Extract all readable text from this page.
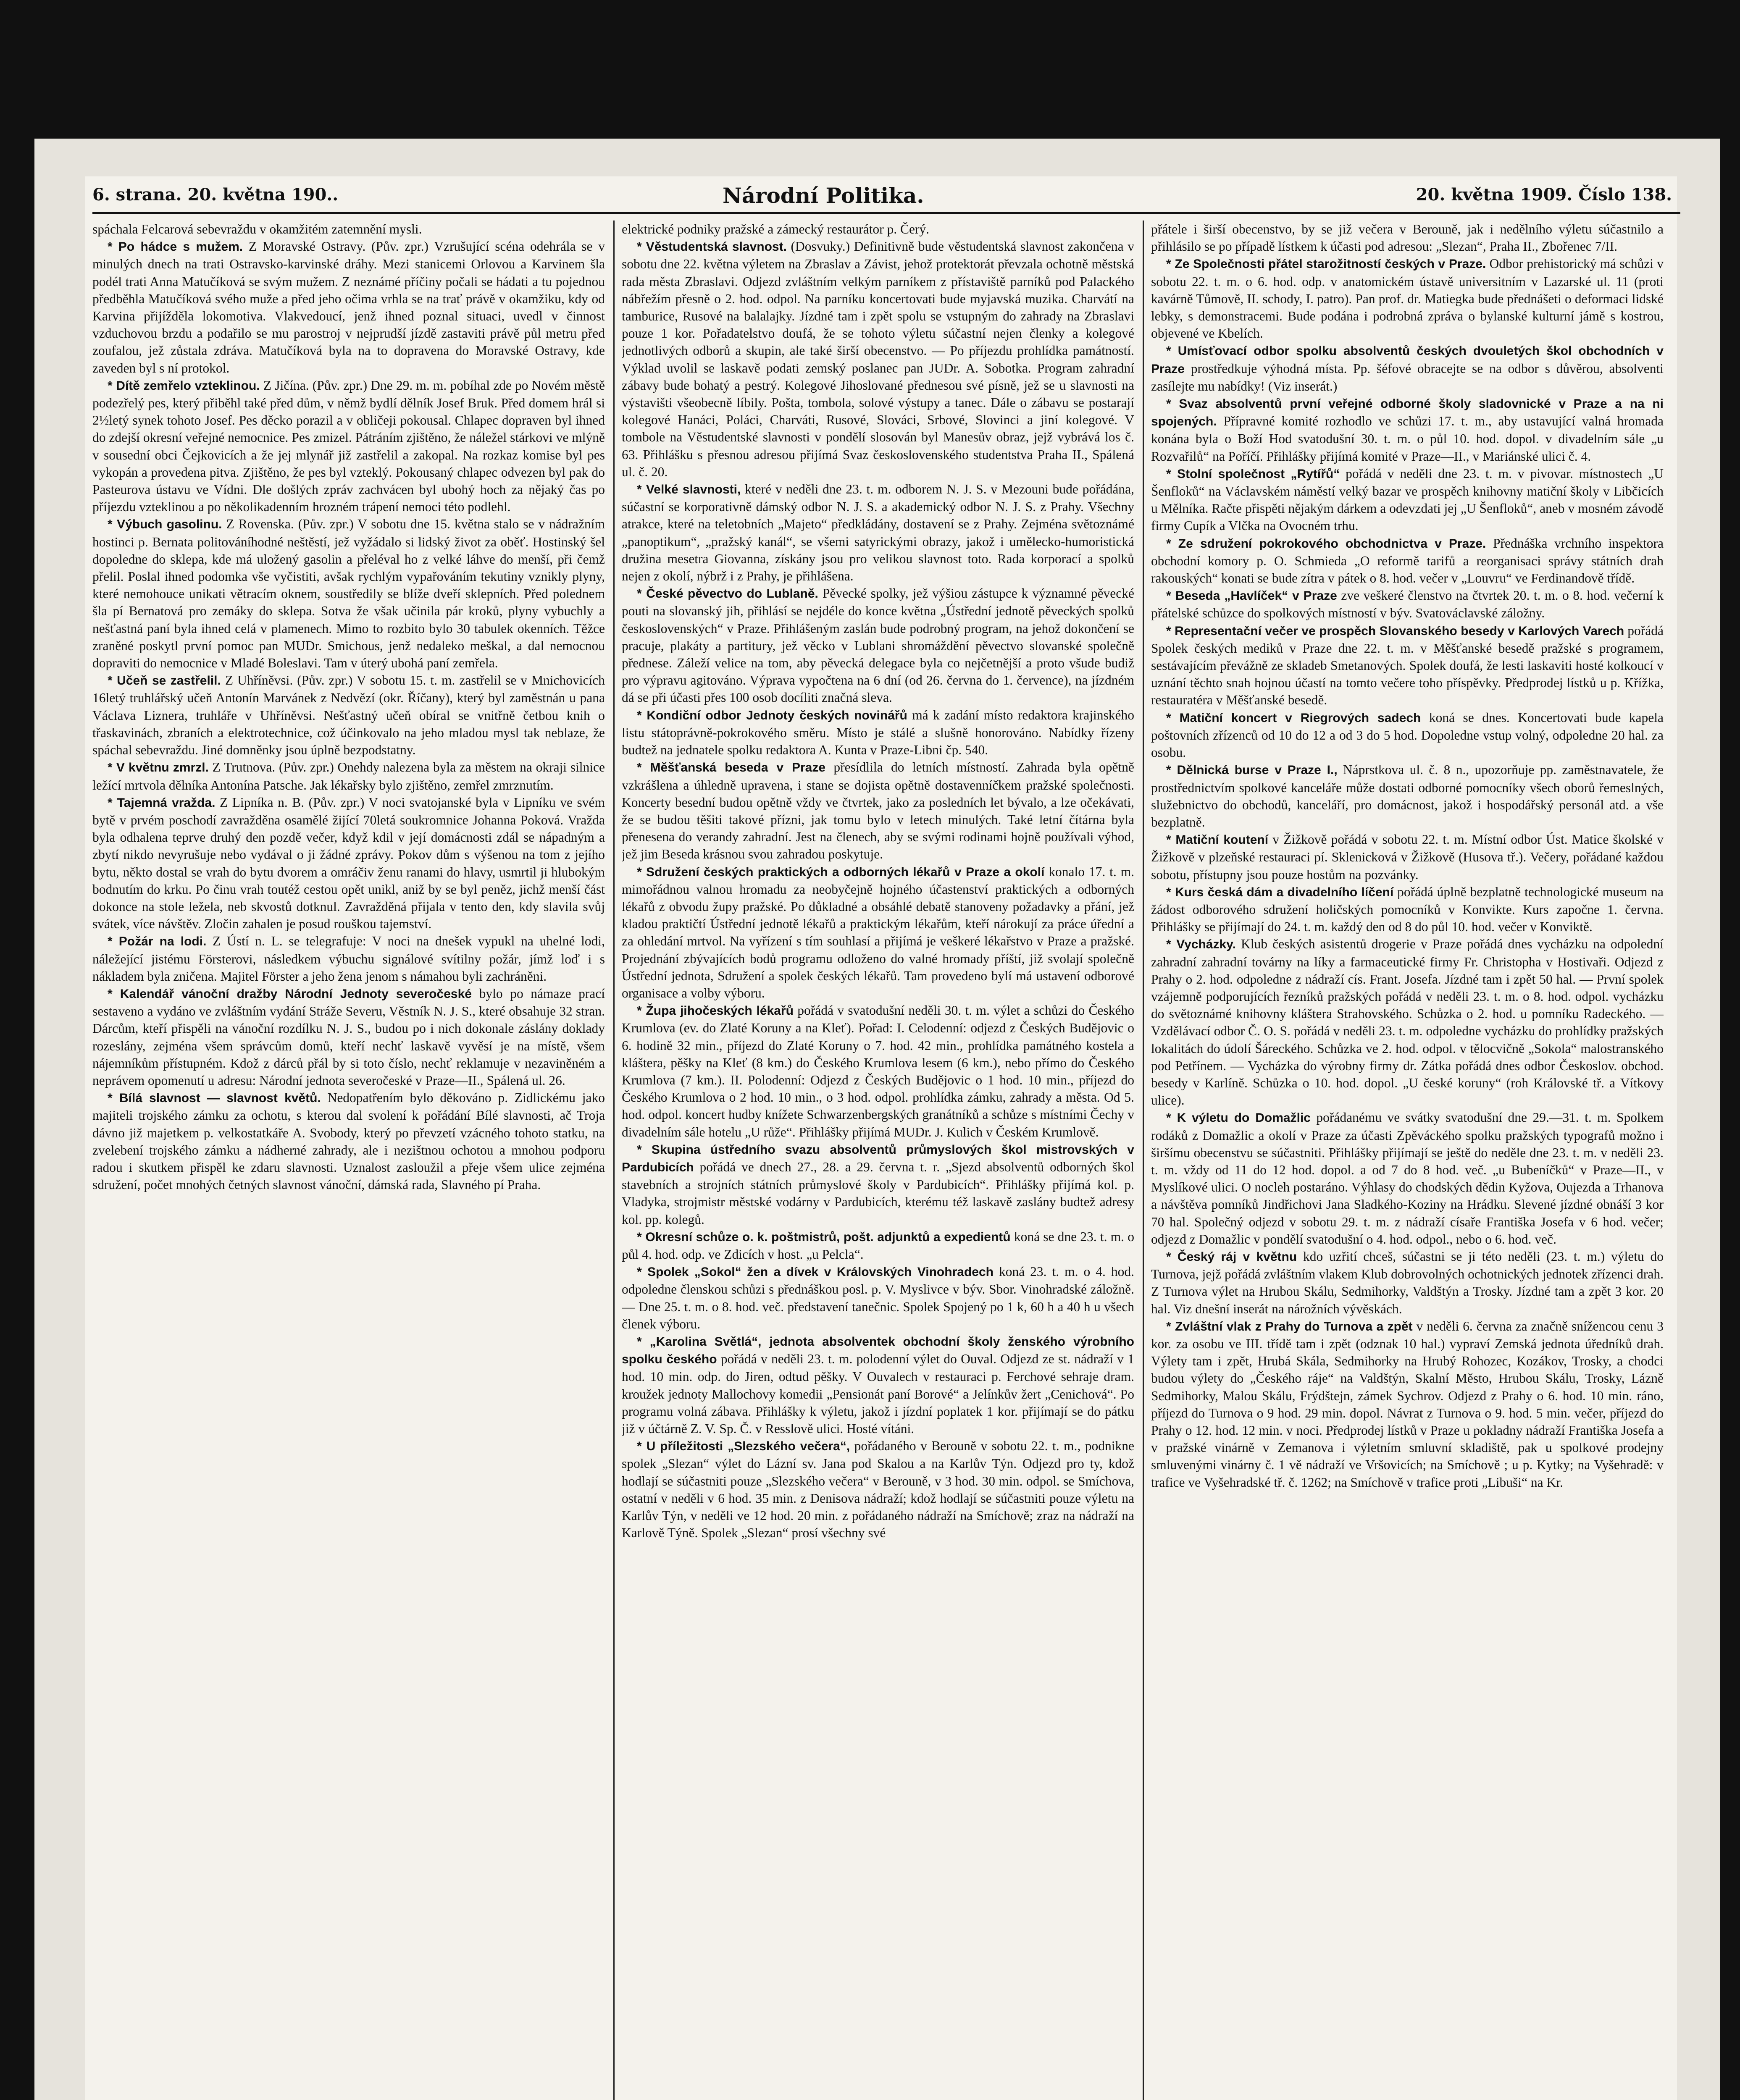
6. strana. 20. května 190..	Národní Politika.	20. května 1909. Číslo 138.

spáchala Felcarová sebevraždu v okamžitém zatemnění mysli.

* Po hádce s mužem. Z Moravské Ostravy. (Pův. zpr.) Vzrušující scéna odehrála se v minulých dnech na trati Ostravsko-karvinské dráhy. Mezi stanicemi Orlovou a Karvinem šla podél trati Anna Matučíková se svým mužem. Z neznámé příčiny počali se hádati a tu pojednou předběhla Matučíková svého muže a před jeho očima vrhla se na trať právě v okamžiku, kdy od Karvina přijížděla lokomotiva. Vlakvedoucí, jenž ihned poznal situaci, uvedl v činnost vzduchovou brzdu a podařilo se mu parostroj v nejprudší jízdě zastaviti právě půl metru před zoufalou, jež zůstala zdráva. Matučíková byla na to dopravena do Moravské Ostravy, kde zaveden byl s ní protokol.

* Dítě zemřelo vzteklinou. Z Jičína. (Pův. zpr.) Dne 29. m. m. pobíhal zde po Novém městě podezřelý pes, který přiběhl také před dům, v němž bydlí dělník Josef Bruk. Před domem hrál si 2½letý synek tohoto Josef. Pes děcko porazil a v obličeji pokousal. Chlapec dopraven byl ihned do zdejší okresní veřejné nemocnice. Pes zmizel. Pátráním zjištěno, že náležel stárkovi ve mlýně v sousední obci Čejkovicích a že jej mlynář již zastřelil a zakopal. Na rozkaz komise byl pes vykopán a provedena pitva. Zjištěno, že pes byl vzteklý. Pokousaný chlapec odvezen byl pak do Pasteurova ústavu ve Vídni. Dle došlých zpráv zachvácen byl ubohý hoch za nějaký čas po příjezdu vzteklinou a po několikadenním hrozném trápení nemoci této podlehl.

* Výbuch gasolinu. Z Rovenska. (Pův. zpr.) V sobotu dne 15. května stalo se v nádražním hostinci p. Bernata politováníhodné neštěstí, jež vyžádalo si lidský život za oběť. Hostinský šel dopoledne do sklepa, kde má uložený gasolin a přeléval ho z velké láhve do menší, při čemž přelil. Poslal ihned podomka vše vyčistiti, avšak rychlým vypařováním tekutiny vznikly plyny, které nemohouce unikati větracím oknem, soustředily se blíže dveří sklepních. Před polednem šla pí Bernatová pro zemáky do sklepa. Sotva že však učinila pár kroků, plyny vybuchly a nešťastná paní byla ihned celá v plamenech. Mimo to rozbito bylo 30 tabulek okenních. Těžce zraněné poskytl první pomoc pan MUDr. Smichous, jenž nedaleko meškal, a dal nemocnou dopraviti do nemocnice v Mladé Boleslavi. Tam v úterý ubohá paní zemřela.

* Učeň se zastřelil. Z Uhříněvsi. (Pův. zpr.) V sobotu 15. t. m. zastřelil se v Mnichovicích 16letý truhlářský učeň Antonín Marvánek z Nedvězí (okr. Říčany), který byl zaměstnán u pana Václava Liznera, truhláře v Uhříněvsi. Nešťastný učeň obíral se vnitřně četbou knih o třaskavinách, zbraních a elektrotechnice, což účinkovalo na jeho mladou mysl tak neblaze, že spáchal sebevraždu. Jiné domněnky jsou úplně bezpodstatny.

* V květnu zmrzl. Z Trutnova. (Pův. zpr.) Onehdy nalezena byla za městem na okraji silnice ležící mrtvola dělníka Antonína Patsche. Jak lékařsky bylo zjištěno, zemřel zmrznutím.

* Tajemná vražda. Z Lipníka n. B. (Pův. zpr.) V noci svatojanské byla v Lipníku ve svém bytě v prvém poschodí zavražděna osamělé žijící 70letá soukromnice Johanna Poková. Vražda byla odhalena teprve druhý den pozdě večer, když kdil v její domácnosti zdál se nápadným a zbytí nikdo nevyrušuje nebo vydával o ji žádné zprávy. Pokov dům s výšenou na tom z jejího bytu, někto dostal se vrah do bytu dvorem a omráčiv ženu ranami do hlavy, usmrtil ji hlubokým bodnutím do krku. Po činu vrah toutéž cestou opět unikl, aniž by se byl peněz, jichž menší část dokonce na stole ležela, neb skvostů dotknul. Zavražděná přijala v tento den, kdy slavila svůj svátek, více návštěv. Zločin zahalen je posud rouškou tajemství.

* Požár na lodi. Z Ústí n. L. se telegrafuje: V noci na dnešek vypukl na uhelné lodi, náležející jistému Försterovi, následkem výbuchu signálové svítilny požár, jímž loď i s nákladem byla zničena. Majitel Förster a jeho žena jenom s námahou byli zachráněni.

* Kalendář vánoční dražby Národní Jednoty severočeské bylo po námaze prací sestaveno a vydáno ve zvláštním vydání Stráže Severu, Věstník N. J. S., které obsahuje 32 stran. Dárcům, kteří přispěli na vánoční rozdílku N. J. S., budou po i nich dokonale záslány doklady rozeslány, zejména všem správcům domů, kteří nechť laskavě vyvěsí je na místě, všem nájemníkům přístupném. Kdož z dárců přál by si toto číslo, nechť reklamuje v nezaviněném a neprávem opomenutí u adresu: Národní jednota severočeské v Praze—II., Spálená ul. 26.

* Bílá slavnost — slavnost květů. Nedopatřením bylo děkováno p. Zidlickému jako majiteli trojského zámku za ochotu, s kterou dal svolení k pořádání Bílé slavnosti, ač Troja dávno již majetkem p. velkostatkáře A. Svobody, který po převzetí vzácného tohoto statku, na zvelebení trojského zámku a nádherné zahrady, ale i nezištnou ochotou a mnohou podporu radou i skutkem přispěl ke zdaru slavnosti. Uznalost zasloužil a přeje všem ulice zejména sdružení, počet mnohých četných slavnost vánoční, dámská rada, Slavného pí Praha.

elektrické podniky pražské a zámecký restaurátor p. Čerý.

* Věstudentská slavnost. (Dosvuky.) Definitivně bude věstudentská slavnost zakončena v sobotu dne 22. května výletem na Zbraslav a Závist, jehož protektorát převzala ochotně městská rada města Zbraslavi. Odjezd zvláštním velkým parníkem z přístaviště parníků pod Palackého nábřežím přesně o 2. hod. odpol. Na parníku koncertovati bude myjavská muzika. Charvátí na tamburice, Rusové na balalajky. Jízdné tam i zpět spolu se vstupným do zahrady na Zbraslavi pouze 1 kor. Pořadatelstvo doufá, že se tohoto výletu súčastní nejen členky a kolegové jednotlivých odborů a skupin, ale také širší obecenstvo. — Po příjezdu prohlídka památností. Výklad uvolil se laskavě podati zemský poslanec pan JUDr. A. Sobotka. Program zahradní zábavy bude bohatý a pestrý. Kolegové Jihoslované přednesou své písně, jež se u slavnosti na výstavišti všeobecně líbily. Pošta, tombola, solové výstupy a tanec. Dále o zábavu se postarají kolegové Hanáci, Poláci, Charváti, Rusové, Slováci, Srbové, Slovinci a jiní kolegové. V tombole na Věstudentské slavnosti v pondělí slosován byl Manesův obraz, jejž vybrává los č. 63. Přihlášku s přesnou adresou přijímá Svaz československého studentstva Praha II., Spálená ul. č. 20.

* Velké slavnosti, které v neděli dne 23. t. m. odborem N. J. S. v Mezouni bude pořádána, súčastní se korporativně dámský odbor N. J. S. a akademický odbor N. J. S. z Prahy. Všechny atrakce, které na teletobních „Majeto“ předkládány, dostavení se z Prahy. Zejména světoznámé „panoptikum“, „pražský kanál“, se všemi satyrickými obrazy, jakož i umělecko-humoristická družina mesetra Giovanna, získány jsou pro velikou slavnost toto. Rada korporací a spolků nejen z okolí, nýbrž i z Prahy, je přihlášena.

* České pěvectvo do Lublaně. Pěvecké spolky, jež výšiou zástupce k významné pěvecké pouti na slovanský jih, přihlásí se nejdéle do konce května „Ústřední jednotě pěveckých spolků československých“ v Praze. Přihlášeným zaslán bude podrobný program, na jehož dokončení se pracuje, plakáty a partitury, jež věcko v Lublani shromáždění pěvectvo slovanské společně přednese. Záleží velice na tom, aby pěvecká delegace byla co nejčetnější a proto všude budiž pro výpravu agitováno. Výprava vypočtena na 6 dní (od 26. června do 1. července), na jízdném dá se při účasti přes 100 osob docíliti značná sleva.

* Kondiční odbor Jednoty českých novinářů má k zadání místo redaktora krajinského listu státoprávně-pokrokového směru. Místo je stálé a slušně honorováno. Nabídky řízeny budtež na jednatele spolku redaktora A. Kunta v Praze-Libni čp. 540.

* Měšťanská beseda v Praze přesídlila do letních místností. Zahrada byla opětně vzkrášlena a úhledně upravena, i stane se dojista opětně dostavenníčkem pražské společnosti. Koncerty besední budou opětně vždy ve čtvrtek, jako za posledních let bývalo, a lze očekávati, že se budou těšiti takové přízni, jak tomu bylo v letech minulých. Také letní čítárna byla přenesena do verandy zahradní. Jest na členech, aby se svými rodinami hojně používali výhod, jež jim Beseda krásnou svou zahradou poskytuje.

* Sdružení českých praktických a odborných lékařů v Praze a okolí konalo 17. t. m. mimořádnou valnou hromadu za neobyčejně hojného účastenství praktických a odborných lékařů z obvodu župy pražské. Po důkladné a obsáhlé debatě stanoveny požadavky a přání, jež kladou praktičtí Ústřední jednotě lékařů a praktickým lékařům, kteří nárokují za práce úřední a za ohledání mrtvol. Na vyřízení s tím souhlasí a přijímá je veškeré lékařstvo v Praze a pražské. Projednání zbývajících bodů programu odloženo do valné hromady příští, již svolají společně Ústřední jednota, Sdružení a spolek českých lékařů. Tam provedeno bylí má ustavení odborové organisace a volby výboru.

* Župa jihočeských lékařů pořádá v svatodušní neděli 30. t. m. výlet a schůzi do Českého Krumlova (ev. do Zlaté Koruny a na Kleť). Pořad: I. Celodenní: odjezd z Českých Budějovic o 6. hodině 32 min., příjezd do Zlaté Koruny o 7. hod. 42 min., prohlídka památného kostela a kláštera, pěšky na Kleť (8 km.) do Českého Krumlova lesem (6 km.), nebo přímo do Českého Krumlova (7 km.). II. Polodenní: Odjezd z Českých Budějovic o 1 hod. 10 min., příjezd do Českého Krumlova o 2 hod. 10 min., o 3 hod. odpol. prohlídka zámku, zahrady a města. Od 5. hod. odpol. koncert hudby knížete Schwarzenbergských granátníků a schůze s místními Čechy v divadelním sále hotelu „U růže“. Přihlášky přijímá MUDr. J. Kulich v Českém Krumlově.

* Skupina ústředního svazu absolventů průmyslových škol mistrovských v Pardubicích pořádá ve dnech 27., 28. a 29. června t. r. „Sjezd absolventů odborných škol stavebních a strojních státních průmyslové školy v Pardubicích“. Přihlášky přijímá kol. p. Vladyka, strojmistr městské vodárny v Pardubicích, kterému též laskavě zaslány budtež adresy kol. pp. kolegů.

* Okresní schůze o. k. poštmistrů, pošt. adjunktů a expedientů koná se dne 23. t. m. o půl 4. hod. odp. ve Zdicích v host. „u Pelcla“.

* Spolek „Sokol“ žen a dívek v Královských Vinohradech koná 23. t. m. o 4. hod. odpoledne členskou schůzi s přednáškou posl. p. V. Myslivce v býv. Sbor. Vinohradské záložně. — Dne 25. t. m. o 8. hod. več. představení tanečnic. Spolek Spojený po 1 k, 60 h a 40 h u všech členek výboru.

* „Karolina Světlá“, jednota absolventek obchodní školy ženského výrobního spolku českého pořádá v neděli 23. t. m. polodenní výlet do Ouval. Odjezd ze st. nádraží v 1 hod. 10 min. odp. do Jiren, odtud pěšky. V Ouvalech v restauraci p. Ferchové sehraje dram. kroužek jednoty Mallochovy komedii „Pensionát paní Borové“ a Jelínkův žert „Cenichová“. Po programu volná zábava. Přihlášky k výletu, jakož i jízdní poplatek 1 kor. přijímají se do pátku již v účtárně Z. V. Sp. Č. v Resslově ulici. Hosté vítáni.

* U příležitosti „Slezského večera“, pořádaného v Berouně v sobotu 22. t. m., podnikne spolek „Slezan“ výlet do Lázní sv. Jana pod Skalou a na Karlův Týn. Odjezd pro ty, kdož hodlají se súčastniti pouze „Slezského večera“ v Berouně, v 3 hod. 30 min. odpol. se Smíchova, ostatní v neděli v 6 hod. 35 min. z Denisova nádraží; kdož hodlají se súčastniti pouze výletu na Karlův Týn, v neděli ve 12 hod. 20 min. z pořádaného nádraží na Smíchově; zraz na nádraží na Karlově Týně. Spolek „Slezan“ prosí všechny své

přátele i širší obecenstvo, by se již večera v Berouně, jak i nedělního výletu súčastnilo a přihlásilo se po případě lístkem k účasti pod adresou: „Slezan“, Praha II., Zbořenec 7/II.

* Ze Společnosti přátel starožitností českých v Praze. Odbor prehistorický má schůzi v sobotu 22. t. m. o 6. hod. odp. v anatomickém ústavě universitním v Lazarské ul. 11 (proti kavárně Tůmově, II. schody, I. patro). Pan prof. dr. Matiegka bude přednášeti o deformaci lidské lebky, s demonstracemi. Bude podána i podrobná zpráva o bylanské kulturní jámě s kostrou, objevené ve Kbelích.

* Umísťovací odbor spolku absolventů českých dvouletých škol obchodních v Praze prostředkuje výhodná místa. Pp. šéfové obracejte se na odbor s důvěrou, absolventi zasílejte mu nabídky! (Viz inserát.)

* Svaz absolventů první veřejné odborné školy sladovnické v Praze a na ni spojených. Přípravné komité rozhodlo ve schůzi 17. t. m., aby ustavující valná hromada konána byla o Boží Hod svatodušní 30. t. m. o půl 10. hod. dopol. v divadelním sále „u Rozvařilů“ na Poříčí. Přihlášky přijímá komité v Praze—II., v Mariánské ulici č. 4.

* Stolní společnost „Rytířů“ pořádá v neděli dne 23. t. m. v pivovar. místnostech „U Šenfloků“ na Václavském náměstí velký bazar ve prospěch knihovny matiční školy v Libčicích u Mělníka. Račte přispěti nějakým dárkem a odevzdati jej „U Šenfloků“, aneb v mosném závodě firmy Cupík a Vlčka na Ovocném trhu.

* Ze sdružení pokrokového obchodnictva v Praze. Přednáška vrchního inspektora obchodní komory p. O. Schmieda „O reformě tarifů a reorganisaci správy státních drah rakouských“ konati se bude zítra v pátek o 8. hod. večer v „Louvru“ ve Ferdinandově třídě.

* Beseda „Havlíček“ v Praze zve veškeré členstvo na čtvrtek 20. t. m. o 8. hod. večerní k přátelské schůzce do spolkových místností v býv. Svatováclavské záložny.

* Representační večer ve prospěch Slovanského besedy v Karlových Varech pořádá Spolek českých mediků v Praze dne 22. t. m. v Měšťanské besedě pražské s programem, sestávajícím převážně ze skladeb Smetanových. Spolek doufá, že lesti laskaviti hosté kolkoucí v uznání těchto snah hojnou účastí na tomto večere toho příspěvky. Předprodej lístků u p. Křížka, restauratéra v Měšťanské besedě.

* Matiční koncert v Riegrových sadech koná se dnes. Koncertovati bude kapela poštovních zřízenců od 10 do 12 a od 3 do 5 hod. Dopoledne vstup volný, odpoledne 20 hal. za osobu.

* Dělnická burse v Praze I., Náprstkova ul. č. 8 n., upozorňuje pp. zaměstnavatele, že prostřednictvím spolkové kanceláře může dostati odborné pomocníky všech oborů řemeslných, služebnictvo do obchodů, kanceláří, pro domácnost, jakož i hospodářský personál atd. a vše bezplatně.

* Matiční koutení v Žižkově pořádá v sobotu 22. t. m. Místní odbor Úst. Matice školské v Žižkově v plzeňské restauraci pí. Sklenicková v Žižkově (Husova tř.). Večery, pořádané každou sobotu, přístupny jsou pouze hostům na pozvánky.

* Kurs česká dám a divadelního líčení pořádá úplně bezplatně technologické museum na žádost odborového sdružení holičských pomocníků v Konvikte. Kurs započne 1. června. Přihlášky se přijímají do 24. t. m. každý den od 8 do půl 10. hod. večer v Konviktě.

* Vycházky. Klub českých asistentů drogerie v Praze pořádá dnes vycházku na odpolední zahradní zahradní továrny na líky a farmaceutické firmy Fr. Christopha v Hostivaři. Odjezd z Prahy o 2. hod. odpoledne z nádraží cís. Frant. Josefa. Jízdné tam i zpět 50 hal. — První spolek vzájemně podporujících řezníků pražských pořádá v neděli 23. t. m. o 8. hod. odpol. vycházku do světoznámé knihovny kláštera Strahovského. Schůzka o 2. hod. u pomníku Radeckého. — Vzdělávací odbor Č. O. S. pořádá v neděli 23. t. m. odpoledne vycházku do prohlídky pražských lokalitách do údolí Šáreckého. Schůzka ve 2. hod. odpol. v tělocvičně „Sokola“ malostranského pod Petřínem. — Vycházka do výrobny firmy dr. Zátka pořádá dnes odbor Českoslov. obchod. besedy v Karlíně. Schůzka o 10. hod. dopol. „U české koruny“ (roh Královské tř. a Vítkovy ulice).

* K výletu do Domažlic pořádanému ve svátky svatodušní dne 29.—31. t. m. Spolkem rodáků z Domažlic a okolí v Praze za účasti Zpěváckého spolku pražských typografů možno i širšímu obecenstvu se súčastniti. Přihlášky přijímají se ještě do neděle dne 23. t. m. v neděli 23. t. m. vždy od 11 do 12 hod. dopol. a od 7 do 8 hod. več. „u Bubeníčků“ v Praze—II., v Myslíkové ulici. O nocleh postaráno. Výhlasy do chodských dědin Kyžova, Oujezda a Trhanova a návštěva pomníků Jindřichovi Jana Sladkého-Koziny na Hrádku. Slevené jízdné obnáší 3 kor 70 hal. Společný odjezd v sobotu 29. t. m. z nádraží císaře Františka Josefa v 6 hod. večer; odjezd z Domažlic v pondělí svatodušní o 4. hod. odpol., nebo o 6. hod. več.

* Český ráj v květnu kdo uzřití chceš, súčastni se ji této neděli (23. t. m.) výletu do Turnova, jejž pořádá zvláštním vlakem Klub dobrovolných ochotnických jednotek zřízenci drah. Z Turnova výlet na Hrubou Skálu, Sedmihorky, Valdštýn a Trosky. Jízdné tam a zpět 3 kor. 20 hal. Viz dnešní inserát na nárožních vývěskách.

* Zvláštní vlak z Prahy do Turnova a zpět v neděli 6. června za značně snížencou cenu 3 kor. za osobu ve III. třídě tam i zpět (odznak 10 hal.) vypraví Zemská jednota úředníků drah. Výlety tam i zpět, Hrubá Skála, Sedmihorky na Hrubý Rohozec, Kozákov, Trosky, a chodci budou výlety do „Českého ráje“ na Valdštýn, Skalní Město, Hrubou Skálu, Trosky, Lázně Sedmihorky, Malou Skálu, Frýdštejn, zámek Sychrov. Odjezd z Prahy o 6. hod. 10 min. ráno, příjezd do Turnova o 9 hod. 29 min. dopol. Návrat z Turnova o 9. hod. 5 min. večer, příjezd do Prahy o 12. hod. 12 min. v noci. Předprodej lístků v Praze u pokladny nádraží Františka Josefa a v pražské vinárně v Zemanova i výletním smluvní skladiště, pak u spolkové prodejny smluvenými vinárny č. 1 vě nádraží ve Vršovicích; na Smíchově ; u p. Kytky; na Vyšehradě: v trafice ve Vyšehradské tř. č. 1262; na Smíchově v trafice proti „Libuši“ na Kr.
